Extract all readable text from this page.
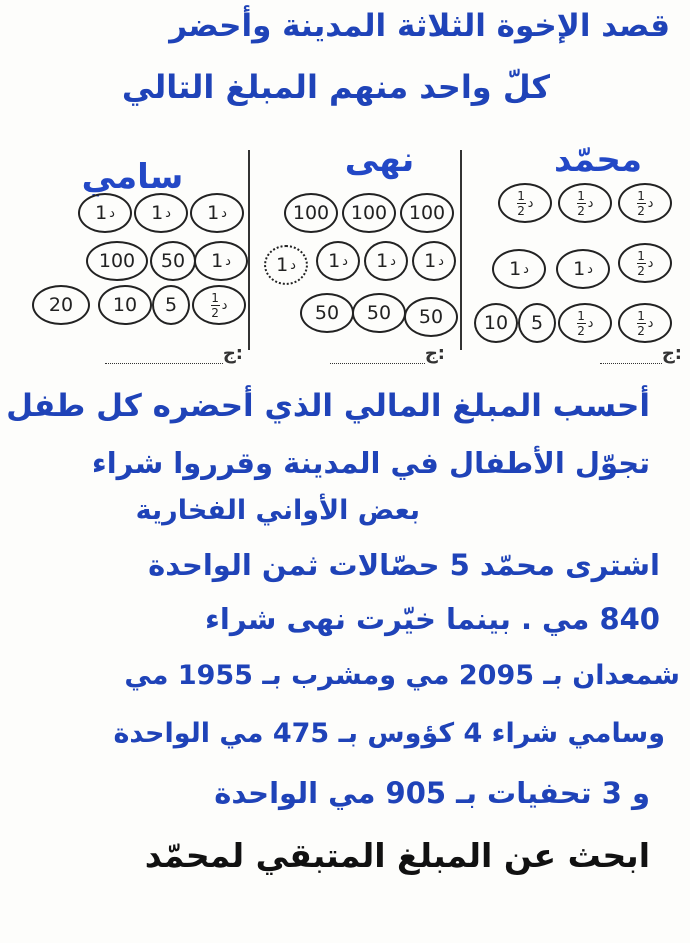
قصد الإخوة الثلاثة المدينة وأحضر
كلّ واحد منهم المبلغ التالي
محمّد
د
$\frac{1}{2}$
د
$\frac{1}{2}$
د
$\frac{1}{2}$
د
$\frac{1}{2}$
د
1
د
1
د
$\frac{1}{2}$
د
$\frac{1}{2}$
5
10
ج:
نهى
100
100
100
د
1
د
1
د
1
د
1
50
50
50
ج:
سامي
د
1
د
1
د
1
د
1
50
100
د
$\frac{1}{2}$
5
10
20
ج:
أحسب المبلغ المالي الذي أحضره كل طفل
تجوّل الأطفال في المدينة وقرروا شراء
بعض الأواني الفخارية
اشترى محمّد 5 حصّالات ثمن الواحدة
840 مي . بينما خيّرت نهى شراء
شمعدان بـ 2095 مي ومشرب بـ 1955 مي
وسامي شراء 4 كؤوس بـ 475 مي الواحدة
و 3 تحفيات بـ 905 مي الواحدة
ابحث عن المبلغ المتبقي لمحمّد
